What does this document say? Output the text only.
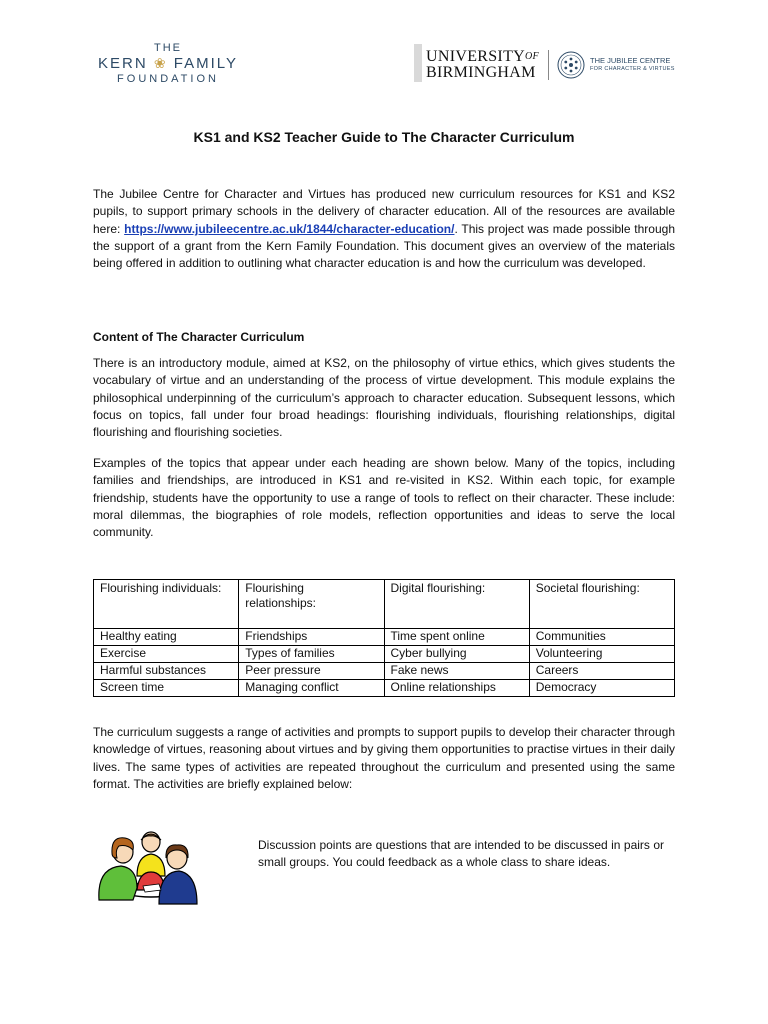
THE
KERN ❀ FAMILY
FOUNDATION
$UNIVERSITY^{OF}$
BIRMINGHAM
THE JUBILEE CENTRE
FOR CHARACTER & VIRTUES
KS1 and KS2 Teacher Guide to The Character Curriculum

The Jubilee Centre for Character and Virtues has produced new curriculum resources for KS1 and KS2 pupils, to support primary schools in the delivery of character education. All of the resources are available here: https://www.jubileecentre.ac.uk/1844/character-education/. This project was made possible through the support of a grant from the Kern Family Foundation. This document gives an overview of the materials being offered in addition to outlining what character education is and how the curriculum was developed.

Content of The Character Curriculum

There is an introductory module, aimed at KS2, on the philosophy of virtue ethics, which gives students the vocabulary of virtue and an understanding of the process of virtue development. This module explains the philosophical underpinning of the curriculum’s approach to character education. Subsequent lessons, which focus on topics, fall under four broad headings: flourishing individuals, flourishing relationships, digital flourishing and flourishing societies.

Examples of the topics that appear under each heading are shown below. Many of the topics, including families and friendships, are introduced in KS1 and re-visited in KS2. Within each topic, for example friendship, students have the opportunity to use a range of tools to reflect on their character. These include: moral dilemmas, the biographies of role models, reflection opportunities and ideas to serve the local community.

Flourishing individuals:	Flourishing relationships:	Digital flourishing:	Societal flourishing:
Healthy eating	Friendships	Time spent online	Communities
Exercise	Types of families	Cyber bullying	Volunteering
Harmful substances	Peer pressure	Fake news	Careers
Screen time	Managing conflict	Online relationships	Democracy

The curriculum suggests a range of activities and prompts to support pupils to develop their character through knowledge of virtues, reasoning about virtues and by giving them opportunities to practise virtues in their daily lives. The same types of activities are repeated throughout the curriculum and presented using the same format. The activities are briefly explained below:

Discussion points are questions that are intended to be discussed in pairs or small groups. You could feedback as a whole class to share ideas.
